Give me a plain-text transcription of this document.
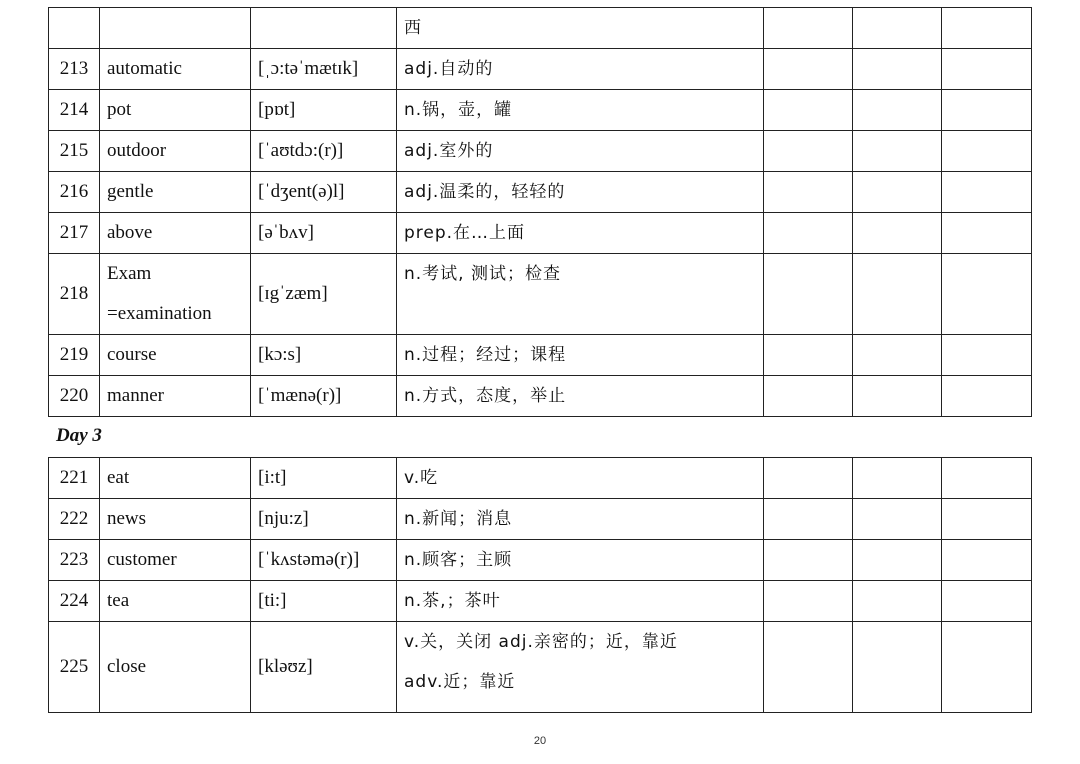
			西			
213	automatic	[ˌɔ:təˈmætɪk]	adj.自动的			
214	pot	[pɒt]	n.锅，壶，罐			
215	outdoor	[ˈaʊtdɔ:(r)]	adj.室外的			
216	gentle	[ˈdʒent(ə)l]	adj.温柔的，轻轻的			
217	above	[əˈbʌv]	prep.在…上面			
218	Exam
=examination	[ɪgˈzæm]	n.考试, 测试；检查			
219	course	[kɔ:s]	n.过程；经过；课程			
220	manner	[ˈmænə(r)]	n.方式，态度，举止			
Day 3
221	eat	[i:t]	v.吃			
222	news	[nju:z]	n.新闻；消息			
223	customer	[ˈkʌstəmə(r)]	n.顾客；主顾			
224	tea	[ti:]	n.茶,；茶叶			
225	close	[kləʊz]	v.关，关闭 adj.亲密的；近，靠近
adv.近；靠近			

20
